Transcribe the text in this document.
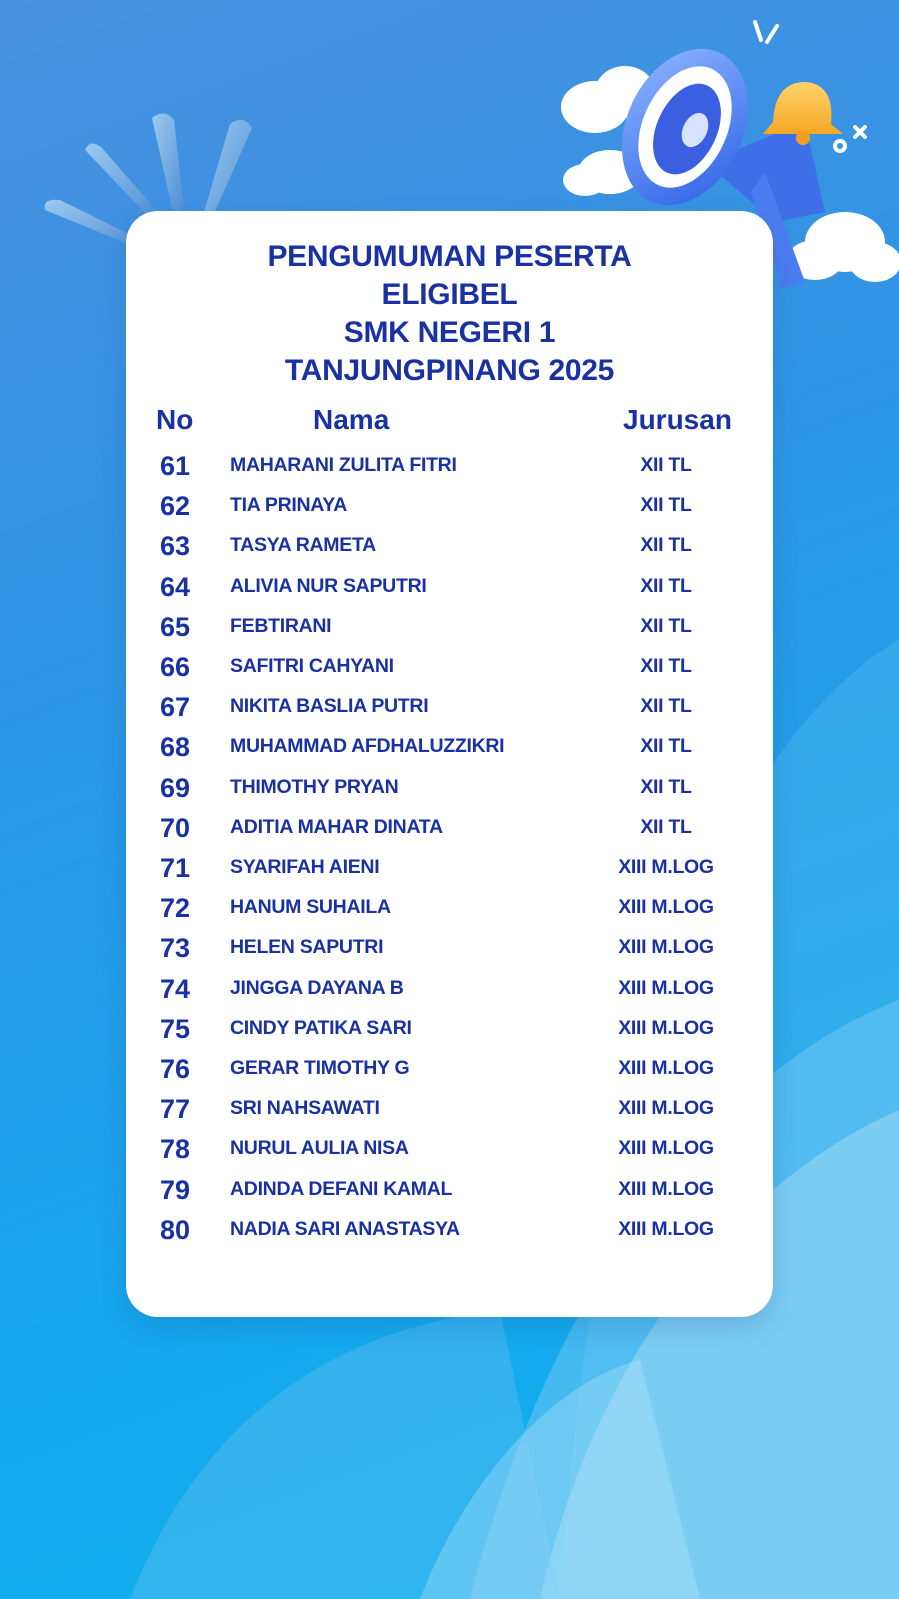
PENGUMUMAN PESERTA
ELIGIBEL
SMK NEGERI 1
TANJUNGPINANG 2025
No	Nama	Jurusan
61	MAHARANI ZULITA FITRI	XII TL
62	TIA PRINAYA	XII TL
63	TASYA RAMETA	XII TL
64	ALIVIA NUR SAPUTRI	XII TL
65	FEBTIRANI	XII TL
66	SAFITRI CAHYANI	XII TL
67	NIKITA BASLIA PUTRI	XII TL
68	MUHAMMAD AFDHALUZZIKRI	XII TL
69	THIMOTHY PRYAN	XII TL
70	ADITIA MAHAR DINATA	XII TL
71	SYARIFAH AIENI	XIII M.LOG
72	HANUM SUHAILA	XIII M.LOG
73	HELEN SAPUTRI	XIII M.LOG
74	JINGGA DAYANA B	XIII M.LOG
75	CINDY PATIKA SARI	XIII M.LOG
76	GERAR TIMOTHY G	XIII M.LOG
77	SRI NAHSAWATI	XIII M.LOG
78	NURUL AULIA NISA	XIII M.LOG
79	ADINDA DEFANI KAMAL	XIII M.LOG
80	NADIA SARI ANASTASYA	XIII M.LOG
